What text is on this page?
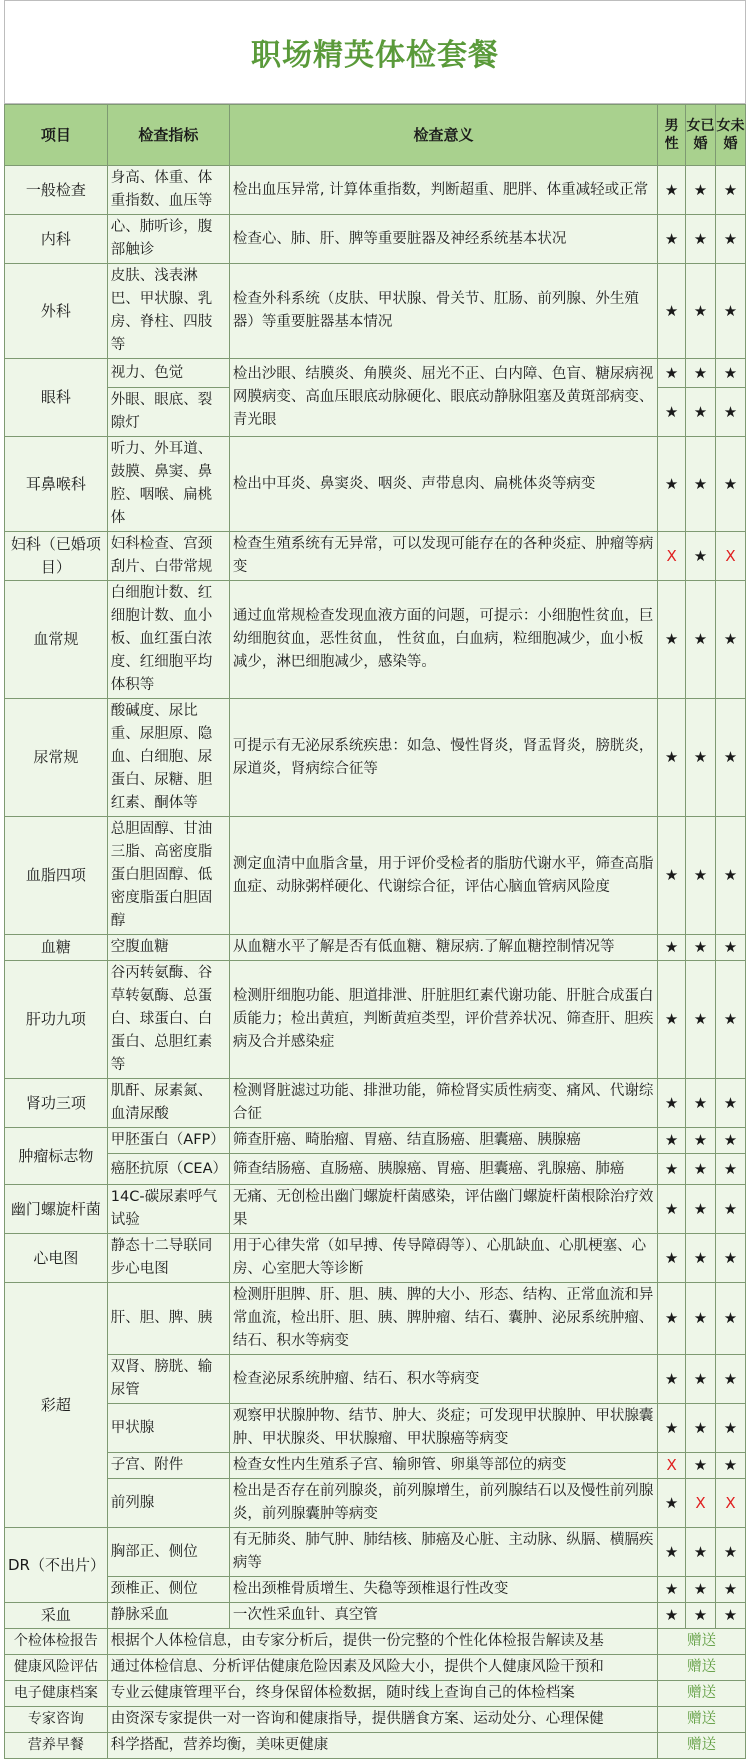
职场精英体检套餐
项目	检查指标	检查意义	男性	女已婚	女未婚
一般检查	身高、体重、体重指数、血压等	检出血压异常, 计算体重指数，判断超重、肥胖、体重减轻或正常	★	★	★
内科	心、肺听诊，腹部触诊	检查心、肺、肝、脾等重要脏器及神经系统基本状况	★	★	★
外科	皮肤、浅表淋巴、甲状腺、乳房、脊柱、四肢等	检查外科系统（皮肤、甲状腺、骨关节、肛肠、前列腺、外生殖器）等重要脏器基本情况	★	★	★
眼科	视力、色觉	检出沙眼、结膜炎、角膜炎、屈光不正、白内障、色盲、糖尿病视网膜病变、高血压眼底动脉硬化、眼底动静脉阻塞及黄斑部病变、青光眼	★	★	★
	外眼、眼底、裂隙灯		★	★	★
耳鼻喉科	听力、外耳道、鼓膜、鼻窦、鼻腔、咽喉、扁桃体	检出中耳炎、鼻窦炎、咽炎、声带息肉、扁桃体炎等病变	★	★	★
妇科（已婚项目）	妇科检查、宫颈刮片、白带常规	检查生殖系统有无异常，可以发现可能存在的各种炎症、肿瘤等病变	X	★	X
血常规	白细胞计数、红细胞计数、血小板、血红蛋白浓度、红细胞平均体积等	通过血常规检查发现血液方面的问题，可提示：小细胞性贫血，巨幼细胞贫血，恶性贫血， 性贫血，白血病，粒细胞减少，血小板减少，淋巴细胞减少，感染等。	★	★	★
尿常规	酸碱度、尿比重、尿胆原、隐血、白细胞、尿蛋白、尿糖、胆红素、酮体等	可提示有无泌尿系统疾患：如急、慢性肾炎，肾盂肾炎，膀胱炎，尿道炎，肾病综合征等	★	★	★
血脂四项	总胆固醇、甘油三脂、高密度脂蛋白胆固醇、低密度脂蛋白胆固醇	测定血清中血脂含量，用于评价受检者的脂肪代谢水平，筛查高脂血症、动脉粥样硬化、代谢综合征，评估心脑血管病风险度	★	★	★
血糖	空腹血糖	从血糖水平了解是否有低血糖、糖尿病.了解血糖控制情况等	★	★	★
肝功九项	谷丙转氨酶、谷草转氨酶、总蛋白、球蛋白、白蛋白、总胆红素等	检测肝细胞功能、胆道排泄、肝脏胆红素代谢功能、肝脏合成蛋白质能力；检出黄疸，判断黄疸类型，评价营养状况、筛查肝、胆疾病及合并感染症	★	★	★
肾功三项	肌酐、尿素氮、血清尿酸	检测肾脏滤过功能、排泄功能，筛检肾实质性病变、痛风、代谢综合征	★	★	★
肿瘤标志物	甲胚蛋白（AFP）	筛查肝癌、畸胎瘤、胃癌、结直肠癌、胆囊癌、胰腺癌	★	★	★
	癌胚抗原（CEA）	筛查结肠癌、直肠癌、胰腺癌、胃癌、胆囊癌、乳腺癌、肺癌	★	★	★
幽门螺旋杆菌	14C-碳尿素呼气试验	无痛、无创检出幽门螺旋杆菌感染，评估幽门螺旋杆菌根除治疗效果	★	★	★
心电图	静态十二导联同步心电图	用于心律失常（如早搏、传导障碍等）、心肌缺血、心肌梗塞、心房、心室肥大等诊断	★	★	★
彩超	肝、胆、脾、胰	检测肝胆脾、肝、胆、胰、脾的大小、形态、结构、正常血流和异常血流，检出肝、胆、胰、脾肿瘤、结石、囊肿、泌尿系统肿瘤、结石、积水等病变	★	★	★
	双肾、膀胱、输尿管	检查泌尿系统肿瘤、结石、积水等病变	★	★	★
	甲状腺	观察甲状腺肿物、结节、肿大、炎症；可发现甲状腺肿、甲状腺囊肿、甲状腺炎、甲状腺瘤、甲状腺癌等病变	★	★	★
	子宫、附件	检查女性内生殖系子宫、输卵管、卵巢等部位的病变	X	★	★
	前列腺	检出是否存在前列腺炎，前列腺增生，前列腺结石以及慢性前列腺炎，前列腺囊肿等病变	★	X	X
DR（不出片）	胸部正、侧位	有无肺炎、肺气肿、肺结核、肺癌及心脏、主动脉、纵膈、横膈疾病等	★	★	★
	颈椎正、侧位	检出颈椎骨质增生、失稳等颈椎退行性改变	★	★	★
采血	静脉采血	一次性采血针、真空管	★	★	★
个检体检报告	根据个人体检信息，由专家分析后，提供一份完整的个性化体检报告解读及基		赠送		
健康风险评估	通过体检信息、分析评估健康危险因素及风险大小，提供个人健康风险干预和		赠送		
电子健康档案	专业云健康管理平台，终身保留体检数据，随时线上查询自己的体检档案		赠送		
专家咨询	由资深专家提供一对一咨询和健康指导，提供膳食方案、运动处分、心理保健		赠送		
营养早餐	科学搭配，营养均衡，美味更健康		赠送		
